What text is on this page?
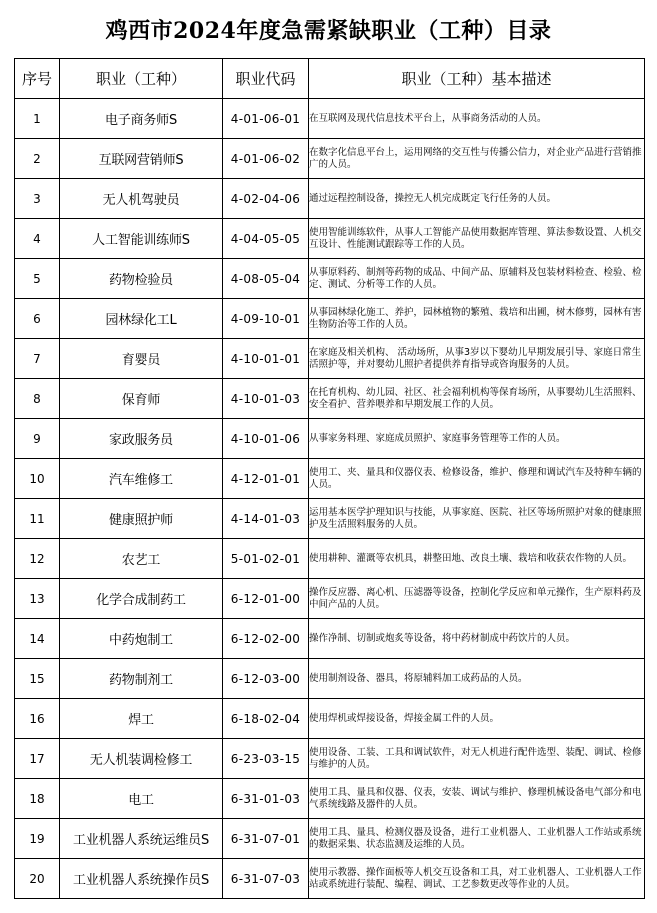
鸡西市2024年度急需紧缺职业（工种）目录
序号	职业（工种）	职业代码	职业（工种）基本描述
1	电子商务师S	4-01-06-01	在互联网及现代信息技术平台上，从事商务活动的人员。

2	互联网营销师S	4-01-06-02	在数字化信息平台上，运用网络的交互性与传播公信力，对企业产品进行营销推广的人员。

3	无人机驾驶员	4-02-04-06	通过远程控制设备，操控无人机完成既定飞行任务的人员。

4	人工智能训练师S	4-04-05-05	使用智能训练软件，从事人工智能产品使用数据库管理、算法参数设置、人机交互设计、性能测试跟踪等工作的人员。

5	药物检验员	4-08-05-04	从事原料药、制剂等药物的成品、中间产品、原辅料及包装材料检查、检验、检定、测试、分析等工作的人员。

6	园林绿化工L	4-09-10-01	从事园林绿化施工、养护，园林植物的繁殖、栽培和出圃，树木修剪，园林有害生物防治等工作的人员。

7	育婴员	4-10-01-01	在家庭及相关机构、 活动场所，从事3岁以下婴幼儿早期发展引导、家庭日常生活照护等，并对婴幼儿照护者提供养育指导或咨询服务的人员。

8	保育师	4-10-01-03	在托育机构、幼儿园、社区、社会福利机构等保育场所，从事婴幼儿生活照料、安全看护、营养喂养和早期发展工作的人员。

9	家政服务员	4-10-01-06	从事家务料理、家庭成员照护、家庭事务管理等工作的人员。

10	汽车维修工	4-12-01-01	使用工、夹、量具和仪器仪表、检修设备，维护、修理和调试汽车及特种车辆的人员。

11	健康照护师	4-14-01-03	运用基本医学护理知识与技能，从事家庭、医院、社区等场所照护对象的健康照护及生活照料服务的人员。

12	农艺工	5-01-02-01	使用耕种、灌溉等农机具，耕整田地、改良土壤、栽培和收获农作物的人员。

13	化学合成制药工	6-12-01-00	操作反应器、离心机、压滤器等设备，控制化学反应和单元操作，生产原料药及中间产品的人员。

14	中药炮制工	6-12-02-00	操作净制、切制或炮炙等设备，将中药材制成中药饮片的人员。

15	药物制剂工	6-12-03-00	使用制剂设备、器具，将原辅料加工成药品的人员。

16	焊工	6-18-02-04	使用焊机或焊接设备，焊接金属工件的人员。

17	无人机装调检修工	6-23-03-15	使用设备、工装、工具和调试软件，对无人机进行配件选型、装配、调试、检修与维护的人员。

18	电工	6-31-01-03	使用工具、量具和仪器、仪表，安装、调试与维护、修理机械设备电气部分和电气系统线路及器件的人员。

19	工业机器人系统运维员S	6-31-07-01	使用工具、量具、检测仪器及设备，进行工业机器人、工业机器人工作站或系统的数据采集、状态监测及运维的人员。

20	工业机器人系统操作员S	6-31-07-03	使用示教器、操作面板等人机交互设备和工具，对工业机器人、工业机器人工作站或系统进行装配、编程、调试、工艺参数更改等作业的人员。
